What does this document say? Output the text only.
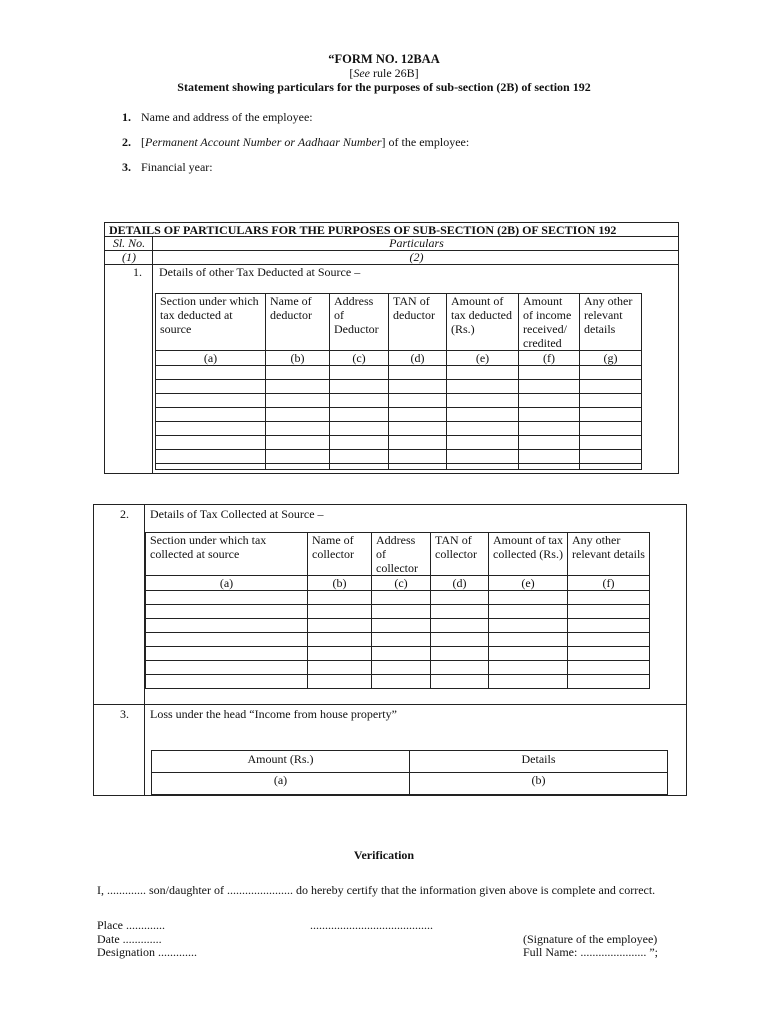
“FORM NO. 12BAA
[See rule 26B]
Statement showing particulars for the purposes of sub-section (2B) of section 192
1. Name and address of the employee:
2. [Permanent Account Number or Aadhaar Number] of the employee:
3. Financial year:
DETAILS OF PARTICULARS FOR THE PURPOSES OF SUB-SECTION (2B) OF SECTION 192
Sl. No.	Particulars
(1)	(2)
1. Details of other Tax Deducted at Source –
Section under which tax deducted at source	Name of deductor	Address of Deductor	TAN of deductor	Amount of tax deducted (Rs.)	Amount of income received/ credited	Any other relevant details
(a)	(b)	(c)	(d)	(e)	(f)	(g)

2. Details of Tax Collected at Source –
Section under which tax collected at source	Name of collector	Address of collector	TAN of collector	Amount of tax collected (Rs.)	Any other relevant details
(a)	(b)	(c)	(d)	(e)	(f)

3. Loss under the head “Income from house property”
Amount (Rs.)	Details
(a)	(b)
Verification
I, ............. son/daughter of ...................... do hereby certify that the information given above is complete and correct.
Place .............
Date .............
Designation .............
.........................................
(Signature of the employee)
Full Name: ...................... ”;
